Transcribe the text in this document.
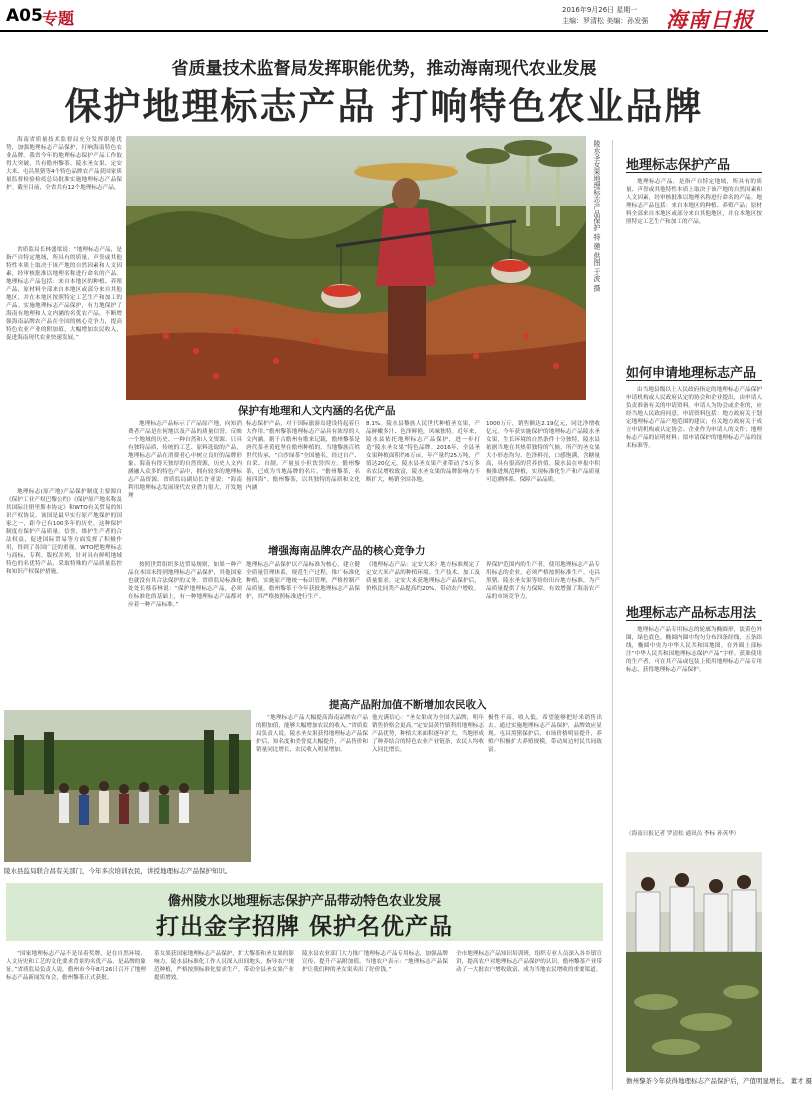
A05 专题	2016年9月26日 星期一
主编：罗清松 美编：孙发强 海南日报
省质量技术监督局发挥职能优势，推动海南现代农业发展
保护地理标志产品 打响特色农业品牌
海南省质量技术监督局充分发挥职能优势，加强地理标志产品保护，打响海南特色农业品牌。我省今年的地理标志保护产品工作取得大突破，共有儋州黎茶、陵水圣女果、定安大米、屯昌黑猪等4个特色品牌农产品获国家质量监督检验检疫总局批准实施地理标志产品保护。截至目前，全省共有12个地理标志产品。
省质监局长林盛梁说：“地理标志产品，是指产自特定地域，所具有的质量、声誉或其他特性本质上取决于该产地的自然因素和人文因素，经审核批准以地理名称进行命名的产品。地理标志产品包括：来自本地区的种植、养殖产品，原材料全部来自本地区或部分来自其他地区，并在本地区按照特定工艺生产和加工的产品。实施地理标志产品保护，有力地保护了海南有地理和人文内涵的名优农产品，不断增强海南品牌农产品在全国的核心竞争力，提高特色农业产业的附加值，大幅增加农民收入，促进海南现代农业快速发展。”
地理标志(原产地)产品保护制度主要源自《保护工业产权巴黎公约》《保护原产地名称及其国际注册里斯本协定》和WTO有关贸易的知识产权协议。该国是最早实行原产地保护的国家之一，距今已有100多年的历史。这种保护制度在保护产品质量、信誉，维护生产者的合法权益，促进国际贸易等方面发挥了积极作用，得到了各国广泛的重视。WTO把地理标志与商标、专利、版权并列，针对具有鲜明地域特色的名优特产品，采取特殊的产品质量监控和知识产权保护措施。
陵水圣女果地理标志产品保护 特 邀 供图 于波 摄
保护有地理和人文内涵的名优产品
地理标志产品标示了产品原产地，向知消费者产品是在何地以及产品的质量信誉，反映一个地域的历史、一种自然和人文资源。只具有独特品质，传统的工艺、原料选取的产品，地理标志产品在消费者心中树立良好的品牌形象。海南有得天独厚的自然资源，历史人文内涵融入众多的特色产品中，拥有较多的地理标志产品资源。省质监局副局长许亚说：“海南利用地理标志发展现代农业潜力很大，开发地理
标志保护产品，对于国际旅游岛建设将起着巨大作用。”儋州黎茶地理标志产品具有浓厚的人文内涵。据千古儋州有歌来记载，儋州黎茶是唐代茶圣黄庭坚在儋州种植的，当地黎族百姓世代传承，“白沙绿茶”全国驰名，经过自产、自采、自制，产量虽小但饮誉四方。儋州黎茶，已成为当地品牌的名片，“儋州黎茶，名扬四海”。儋州黎茶，以其独特的品质和文化内涵
8.1%。陵水县黎族人民世代种植圣女果，产品鲜嫩多汁、色泽鲜艳，风味独特。近年来，陵水县依托地理标志产品保护，进一步打造“陵水圣女果”特色品牌。2016年，全县圣女果种植面积约6万亩，年产量约25万吨，产值达20亿元。陵水县圣女果产业带动了5万多名农民增收致富，陵水圣女果的品牌影响力不断扩大，畅销全国各地。
1000万斤，销售额达2.19亿元，同比净增收亿元。今年获实施保护的地理标志产品陵水圣女果，生长环境的自然条件十分独特，陵水县依据当地在其热带独特的气候，所产的圣女果大小形态均匀、色泽鲜亮，口感饱满，含糖量高，具有很高的营养价值。陵水县在申报中积极推进规范种植，实现标准化生产和产品质量可追溯体系，保障产品品质。
增强海南品牌农产品的核心竞争力
按照世贸组织多边贸易规则，如果一种产品在本国未得到地理标志产品保护，其他国家也就没有其合法保护的义务。省质监局标准化处处长蔡春林说：“保护地理标志产品，必须在标准化的基础上，有一种地理标志产品都对应着一种产品标准。”
地理标志产品保护以产品标准为核心，建立健全质量管理体系，规范生产过程，推广标准化种植，实施原产地统一标识管理，严格控制产品质量。儋州黎茶于今年获批地理标志产品保护，其严格按照标准进行生产。
《地理标志产品：定安大米》地方标准规定了定安大米产品的种植环境、生产技术、加工及质量要求。定安大米获地理标志产品保护后，价格比同类产品提高约20%，带动农户增收。
界保护范围内的生产者，使用地理标志产品专用标志的企业，必须严格按照标准生产。屯昌黑猪、陵水圣女果等纷纷出台地方标准，为产品质量提供了有力保障，有效增强了海南农产品的市场竞争力。
提高产品附加值不断增加农民收入
陵水县监局联合昌有关部门，今年多次培训农民，讲授地理标志产品保护知识。
“地理标志产品大幅提高海南品牌农产品的附加值，能够大幅增加农民的收入。”省质监局负责人说。陵水圣女果获得地理标志产品保护后，知名度和美誉度大幅提升，产品售价和销量同比增长，农民收入明显增加。
他充满信心：“圣女果成为全国大品牌，明年销售价格会更高。”定安县黄竹镇利用地理标志产品优势，种植大米面积逐年扩大，当地形成了种养结合的特色农业产业链条，农民人均收入同比增长。
极性不高，收入低，希望能够把好米销售出去。通过实施地理标志产品保护，品牌效应显现。屯昌黑猪保护后，市场价格明显提升，养殖户积极扩大养殖规模，带动周边村民共同致富。
地理标志保护产品
地理标志产品，是指产自特定地域，所具有的质量、声誉或其他特性本质上取决于该产地的自然因素和人文因素，经审核批准以地理名称进行命名的产品。地理标志产品包括：来自本地区的种植、养殖产品；原材料全部来自本地区或部分来自其他地区，并在本地区按照特定工艺生产和加工的产品。
如何申请地理标志产品
由当地县级以上人民政府指定的地理标志产品保护申请机构或人民政府认定的协会和企业提出，由申请人负责准备有关的申请资料。申请人为协会或企业的，应经当地人民政府同意。申请资料包括：地方政府关于划定地理标志产品产地范围的建议；有关地方政府关于成立申请机构或认定协会、企业作为申请人的文件；地理标志产品的证明材料；拟申请保护的地理标志产品的技术标准等。
地理标志产品标志用法
地理标志产品专用标志的轮廓为椭圆形，淡黄色外圈，绿色底色。椭圆内圈中均匀分布四条经线、五条纬线，椭圆中央为中华人民共和国地图。在外圈上部标注“中华人民共和国地理标志保护产品”字样。获准使用的生产者，可在其产品或包装上使用地理标志产品专用标志，获得地理标志产品保护。
（海南日报记者 罗清松 通讯员 李标 孙英华）
儋州黎茶今年获得地理标志产品保护后，产值明显增长。 董才 摄
儋州陵水以地理标志保护产品带动特色农业发展
打出金字招牌 保护名优产品
“国家地理标志产品不是吊着奖牌，是在自然环境、人文历史和工艺的文化要求背景的名优产品，是品牌的象征。”省质监局负责人说。儋州市今年8月26日召开了地理标志产品新闻发布会，儋州黎茶正式获批。
茶女果获国家地理标志产品保护，扩大黎茶和圣女果的影响力。陵水县标准化工作人员深入田间地头，指导农户规范种植，严格按照标准化要求生产，带动全县圣女果产业提质增效。
陵水县农业部门大力推广地理标志产品专用标志，加强品牌宣传，提升产品附加值。当地农户表示：“地理标志产品保护让我们种的圣女果卖出了好价钱。”
全市地理标志产品知识培训班，组织专业人员深入各乡镇宣讲，提高农户对地理标志产品保护的认识。儋州黎茶产业带动了一大批农户增收致富，成为当地农民增收的重要渠道。
